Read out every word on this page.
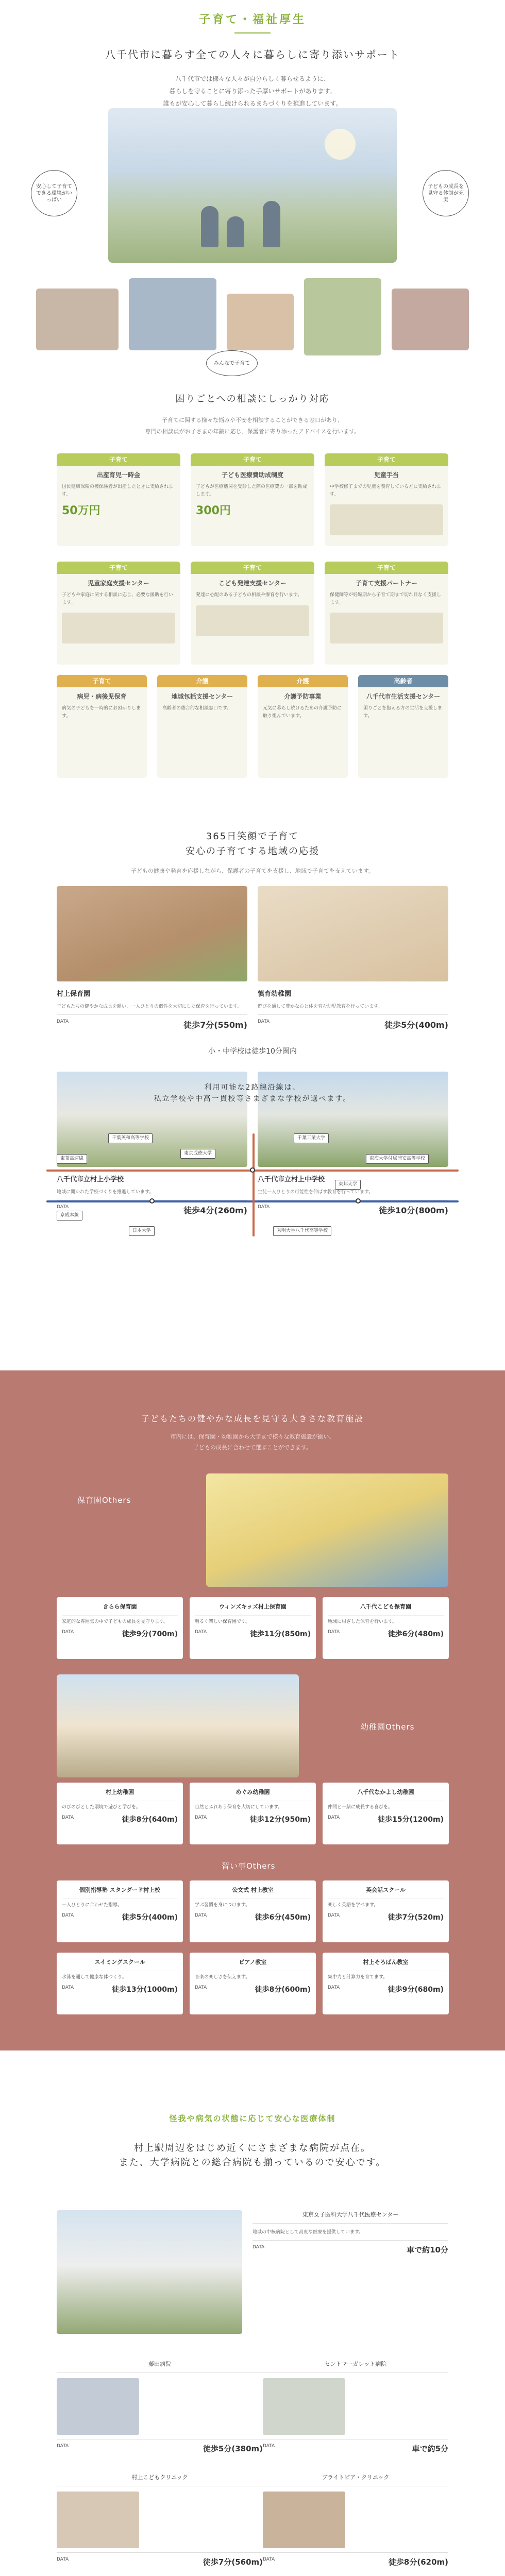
子育て・福祉厚生
八千代市に暮らす全ての人々に暮らしに寄り添いサポート
八千代市では様々な人々が自分らしく暮らせるように、
暮らしを守ることに寄り添った手厚いサポートがあります。
誰もが安心して暮らし続けられるまちづくりを推進しています。
安心して子育てできる環境がいっぱい
子どもの成長を見守る体制が充実
みんなで子育て
困りごとへの相談にしっかり対応

子育てに関する様々な悩みや不安を相談することができる窓口があり、
専門の相談員がお子さまの年齢に応じ、保護者に寄り添ったアドバイスを行います。

子育て
出産育児一時金
国民健康保険の被保険者が出産したときに支給されます。
50万円
子育て
子ども医療費助成制度
子どもが医療機関を受診した際の医療費の一部を助成します。
300円
子育て
児童手当
中学校修了までの児童を養育している方に支給されます。
子育て
児童家庭支援センター
子どもや家庭に関する相談に応じ、必要な援助を行います。
子育て
こども発達支援センター
発達に心配のある子どもの相談や療育を行います。
子育て
子育て支援パートナー
保健師等が妊娠期から子育て期まで切れ目なく支援します。
子育て
病児・病後児保育
病気の子どもを一時的にお預かりします。
介護
地域包括支援センター
高齢者の総合的な相談窓口です。
介護
介護予防事業
元気に暮らし続けるための介護予防に取り組んでいます。
高齢者
八千代市生活支援センター
困りごとを抱える方の生活を支援します。
365日笑顔で子育て
安心の子育てする地域の応援
子どもの健康や発育を応援しながら、保護者の子育てを支援し、地域で子育てを支えています。
村上保育園
子どもたちの健やかな成長を願い、一人ひとりの個性を大切にした保育を行っています。
DATA	徒歩7分(550m)
慎育幼稚園
遊びを通して豊かな心と体を育む幼児教育を行っています。
DATA	徒歩5分(400m)
小・中学校は徒歩10分圏内
八千代市立村上小学校
地域に開かれた学校づくりを推進しています。
DATA	徒歩4分(260m)
八千代市立村上中学校
生徒一人ひとりの可能性を伸ばす教育を行っています。
DATA	徒歩10分(800m)
利用可能な2路線沿線は、
私立学校や中高一貫校等さまざまな学校が選べます。
東葉高速線
京成本線
千葉英和高等学校
東京成徳大学
千葉工業大学
東邦大学
日本大学	秀明大学八千代高等学校
東海大学付属浦安高等学校
子どもたちの健やかな成長を見守る大きさな教育施設
市内には、保育園・幼稚園から大学まで様々な教育施設が揃い、
子どもの成長に合わせて選ぶことができます。
保育園Others
きらら保育園
家庭的な雰囲気の中で子どもの成長を見守ります。
DATA	徒歩9分(700m)
ウィンズキッズ村上保育園
明るく楽しい保育園です。
DATA	徒歩11分(850m)
八千代こども保育園
地域に根ざした保育を行います。
DATA	徒歩6分(480m)
幼稚園Others
村上幼稚園
のびのびとした環境で遊びと学びを。
DATA	徒歩8分(640m)
めぐみ幼稚園
自然とふれあう保育を大切にしています。
DATA	徒歩12分(950m)
八千代なかよし幼稚園
仲間と一緒に成長する喜びを。
DATA	徒歩15分(1200m)
習い事Others
個別指導塾 スタンダード村上校
一人ひとりに合わせた指導。
DATA	徒歩5分(400m)
公文式 村上教室
学ぶ習慣を身につけます。
DATA	徒歩6分(450m)
英会話スクール
楽しく英語を学べます。
DATA	徒歩7分(520m)
スイミングスクール
水泳を通して健康な体づくり。
DATA	徒歩13分(1000m)
ピアノ教室
音楽の楽しさを伝えます。
DATA	徒歩8分(600m)
村上そろばん教室
集中力と計算力を育てます。
DATA	徒歩9分(680m)
怪我や病気の状態に応じて安心な医療体制
村上駅周辺をはじめ近くにさまざまな病院が点在。
また、大学病院との総合病院も揃っているので安心です。
東京女子医科大学八千代医療センター
地域の中核病院として高度な医療を提供しています。
DATA	車で約10分
藤田病院
DATA	徒歩5分(380m)
セントマーガレット病院
DATA	車で約5分
村上こどもクリニック
DATA	徒歩7分(560m)
ブライトピア・クリニック
DATA	徒歩8分(620m)
